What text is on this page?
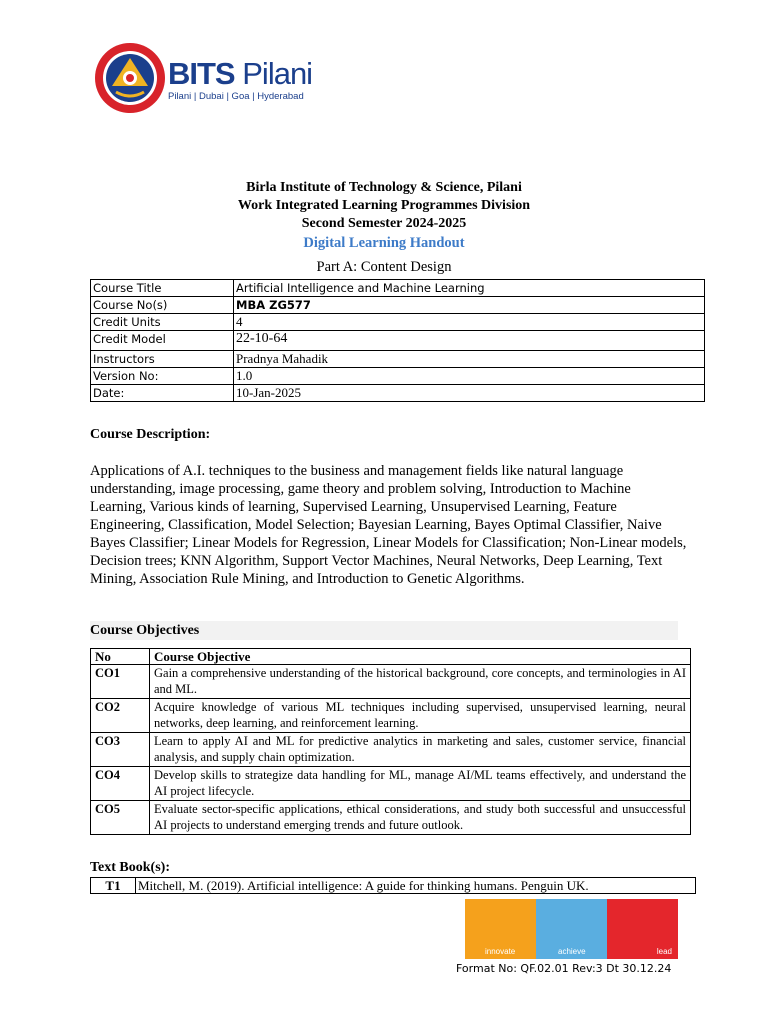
BITS Pilani
Pilani | Dubai | Goa | Hyderabad
Birla Institute of Technology & Science, Pilani
Work Integrated Learning Programmes Division
Second Semester 2024-2025
Digital Learning Handout
Part A: Content Design
Course Title	Artificial Intelligence and Machine Learning
Course No(s)	MBA ZG577
Credit Units	4
Credit Model	22-10-64
Instructors	Pradnya Mahadik
Version No:	1.0
Date:	10-Jan-2025
Course Description:
Applications of A.I. techniques to the business and management fields like natural language understanding, image processing, game theory and problem solving, Introduction to Machine Learning, Various kinds of learning, Supervised Learning, Unsupervised Learning, Feature Engineering, Classification, Model Selection; Bayesian Learning, Bayes Optimal Classifier, Naive Bayes Classifier; Linear Models for Regression, Linear Models for Classification; Non-Linear models, Decision trees; KNN Algorithm, Support Vector Machines, Neural Networks, Deep Learning, Text Mining, Association Rule Mining, and Introduction to Genetic Algorithms.
Course Objectives
No	Course Objective
CO1	Gain a comprehensive understanding of the historical background, core concepts, and terminologies in AI and ML.
CO2	Acquire knowledge of various ML techniques including supervised, unsupervised learning, neural networks, deep learning, and reinforcement learning.
CO3	Learn to apply AI and ML for predictive analytics in marketing and sales, customer service, financial analysis, and supply chain optimization.
CO4	Develop skills to strategize data handling for ML, manage AI/ML teams effectively, and understand the AI project lifecycle.
CO5	Evaluate sector-specific applications, ethical considerations, and study both successful and unsuccessful AI projects to understand emerging trends and future outlook.
Text Book(s):
T1	Mitchell, M. (2019). Artificial intelligence: A guide for thinking humans. Penguin UK.
innovate	achieve	lead
Format No: QF.02.01 Rev:3 Dt 30.12.24
